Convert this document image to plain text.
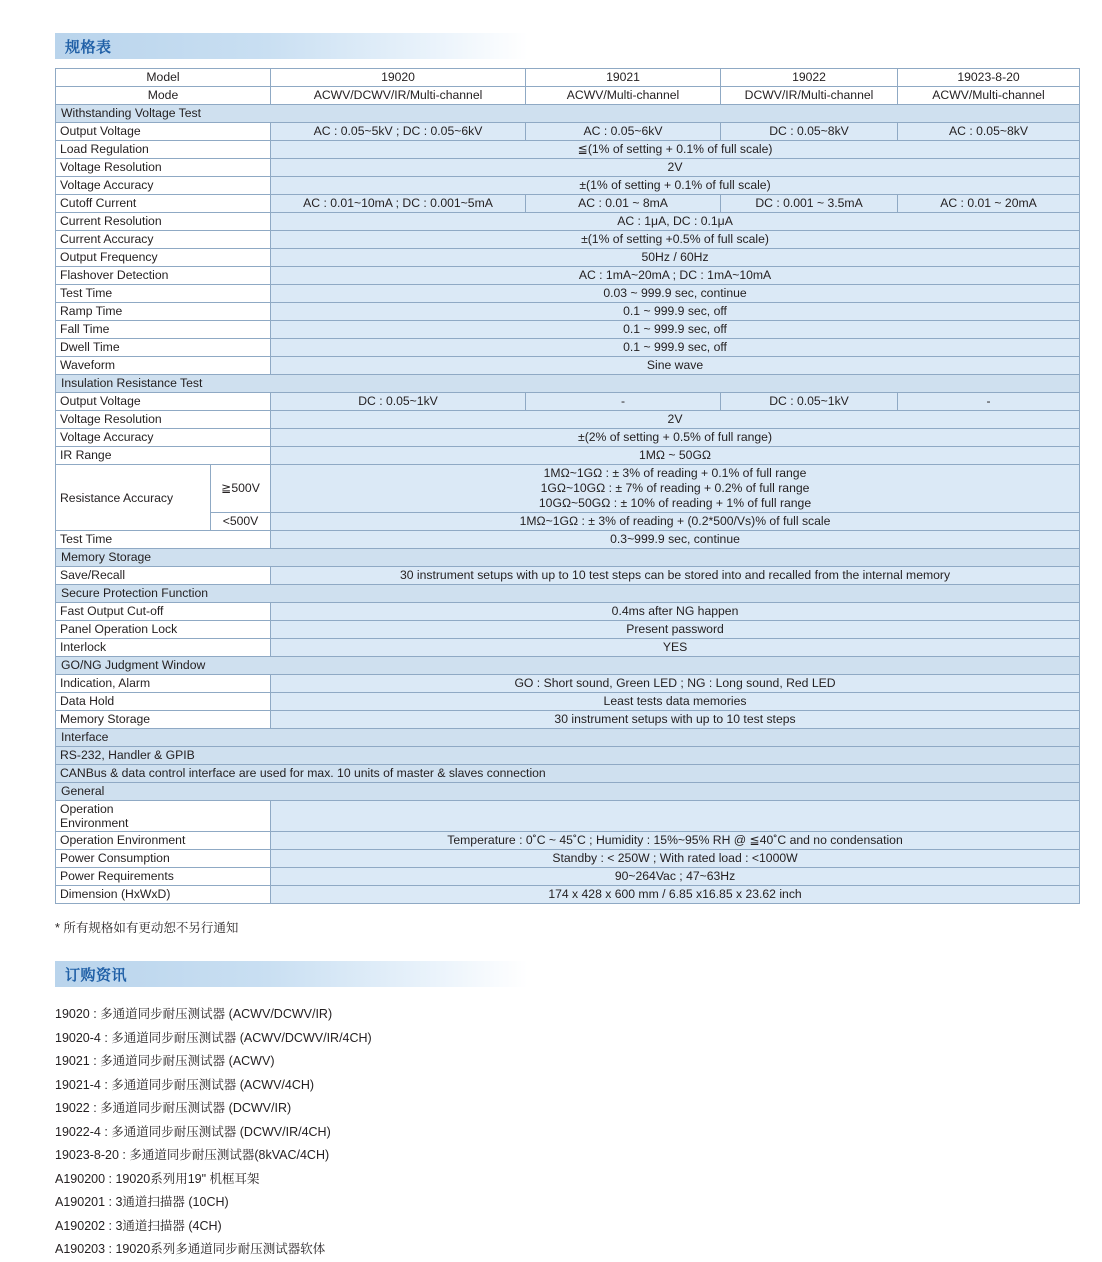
规格表
Model		19020	19021	19022	19023-8-20
Mode		ACWV/DCWV/IR/Multi-channel	ACWV/Multi-channel	DCWV/IR/Multi-channel	ACWV/Multi-channel
Withstanding Voltage Test					
Output Voltage		AC : 0.05~5kV ; DC : 0.05~6kV	AC : 0.05~6kV	DC : 0.05~8kV	AC : 0.05~8kV
Load Regulation		≦(1% of setting + 0.1% of full scale)			
Voltage Resolution		2V			
Voltage Accuracy		±(1% of setting + 0.1% of full scale)			
Cutoff Current		AC : 0.01~10mA ; DC : 0.001~5mA	AC : 0.01 ~ 8mA	DC : 0.001 ~ 3.5mA	AC : 0.01 ~ 20mA
Current Resolution		AC : 1μA, DC : 0.1μA			
Current Accuracy		±(1% of setting +0.5% of full scale)			
Output Frequency		50Hz / 60Hz			
Flashover Detection		AC : 1mA~20mA ; DC : 1mA~10mA			
Test Time		0.03 ~ 999.9 sec, continue			
Ramp Time		0.1 ~ 999.9 sec, off			
Fall Time		0.1 ~ 999.9 sec, off			
Dwell Time		0.1 ~ 999.9 sec, off			
Waveform		Sine wave			
Insulation Resistance Test					
Output Voltage		DC : 0.05~1kV	-	DC : 0.05~1kV	-
Voltage Resolution		2V			
Voltage Accuracy		±(2% of setting + 0.5% of full range)			
IR Range		1MΩ ~ 50GΩ			
Resistance Accuracy	≧500V	1MΩ~1GΩ : ± 3% of reading + 0.1% of full range
1GΩ~10GΩ : ± 7% of reading + 0.2% of full range
10GΩ~50GΩ : ± 10% of reading + 1% of full range			

	<500V	1MΩ~1GΩ : ± 3% of reading + (0.2*500/Vs)% of full scale			
Test Time		0.3~999.9 sec, continue			
Memory Storage					
Save/Recall		30 instrument setups with up to 10 test steps can be stored into and recalled from the internal memory			
Secure Protection Function					
Fast Output Cut-off		0.4ms after NG happen			
Panel Operation Lock		Present password			
Interlock		YES			
GO/NG Judgment Window					
Indication, Alarm		GO : Short sound, Green LED ; NG : Long sound, Red LED			
Data Hold		Least tests data memories			
Memory Storage		30 instrument setups with up to 10 test steps			
Interface					
RS-232, Handler & GPIB					
CANBus & data control interface are used for max. 10 units of master & slaves connection					
General					

Operation
Environment					

Operation Environment		Temperature : 0˚C ~ 45˚C ; Humidity : 15%~95% RH @ ≦40˚C and no condensation			
Power Consumption		Standby : < 250W ; With rated load : <1000W			
Power Requirements		90~264Vac ; 47~63Hz			
Dimension (HxWxD)		174 x 428 x 600 mm / 6.85 x16.85 x 23.62 inch			
* 所有规格如有更动恕不另行通知
订购资讯
19020 : 多通道同步耐压测试器 (ACWV/DCWV/IR)
19020-4 : 多通道同步耐压测试器 (ACWV/DCWV/IR/4CH)
19021 : 多通道同步耐压测试器 (ACWV)
19021-4 : 多通道同步耐压测试器 (ACWV/4CH)
19022 : 多通道同步耐压测试器 (DCWV/IR)
19022-4 : 多通道同步耐压测试器 (DCWV/IR/4CH)
19023-8-20 : 多通道同步耐压测试器(8kVAC/4CH)
A190200 : 19020系列用19" 机框耳架
A190201 : 3通道扫描器 (10CH)
A190202 : 3通道扫描器 (4CH)
A190203 : 19020系列多通道同步耐压测试器软体
